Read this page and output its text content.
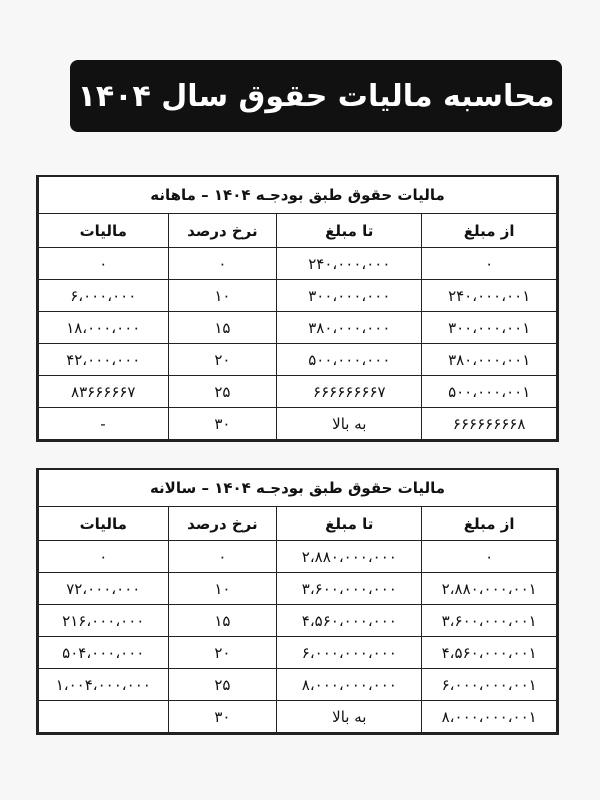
محاسبه مالیات حقوق سال ۱۴۰۴
مالیات حقوق طبق بودجـه ۱۴۰۴ – ماهانه			
از مبلغ	تا مبلغ	نرخ درصد	مالیات
۰	۲۴۰،۰۰۰،۰۰۰	۰	۰
۲۴۰،۰۰۰،۰۰۱	۳۰۰،۰۰۰،۰۰۰	۱۰	۶،۰۰۰،۰۰۰
۳۰۰،۰۰۰،۰۰۱	۳۸۰،۰۰۰،۰۰۰	۱۵	۱۸،۰۰۰،۰۰۰
۳۸۰،۰۰۰،۰۰۱	۵۰۰،۰۰۰،۰۰۰	۲۰	۴۲،۰۰۰،۰۰۰
۵۰۰،۰۰۰،۰۰۱	۶۶۶۶۶۶۶۶۷	۲۵	۸۳۶۶۶۶۶۷
۶۶۶۶۶۶۶۶۸	به بالا	۳۰	-
مالیات حقوق طبق بودجـه ۱۴۰۴ – سالانه			
از مبلغ	تا مبلغ	نرخ درصد	مالیات
۰	۲،۸۸۰،۰۰۰،۰۰۰	۰	۰
۲،۸۸۰،۰۰۰،۰۰۱	۳،۶۰۰،۰۰۰،۰۰۰	۱۰	۷۲،۰۰۰،۰۰۰
۳،۶۰۰،۰۰۰،۰۰۱	۴،۵۶۰،۰۰۰،۰۰۰	۱۵	۲۱۶،۰۰۰،۰۰۰
۴،۵۶۰،۰۰۰،۰۰۱	۶،۰۰۰،۰۰۰،۰۰۰	۲۰	۵۰۴،۰۰۰،۰۰۰
۶،۰۰۰،۰۰۰،۰۰۱	۸،۰۰۰،۰۰۰،۰۰۰	۲۵	۱،۰۰۴،۰۰۰،۰۰۰
۸،۰۰۰،۰۰۰،۰۰۱	به بالا	۳۰	
